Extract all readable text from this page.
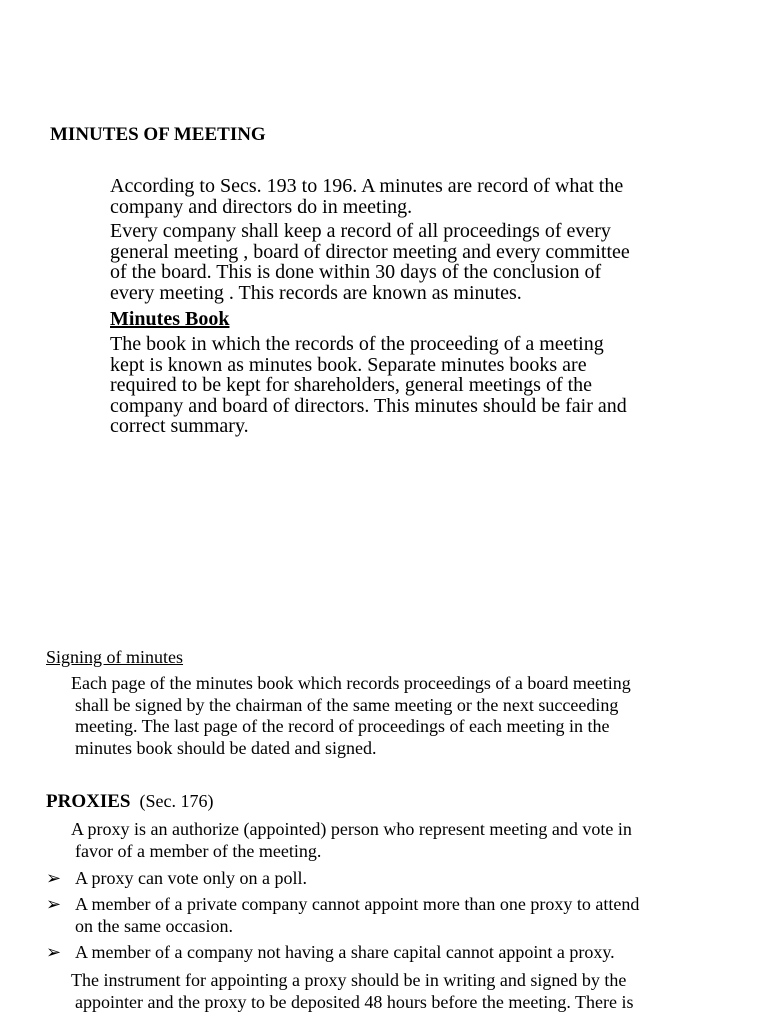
MINUTES OF MEETING
According to Secs. 193 to 196. A minutes are record of what the
company and directors do in meeting.
Every company shall keep a record of all proceedings of every
general meeting , board of director meeting and every committee
of the board. This is done within 30 days of the conclusion of
every meeting . This records are known as minutes.
Minutes Book
The book in which the records of the proceeding of a meeting
kept is known as minutes book. Separate minutes books are
required to be kept for shareholders, general meetings of the
company and board of directors. This minutes should be fair and
correct summary.
Signing of minutes
Each page of the minutes book which records proceedings of a board meeting
shall be signed by the chairman of the same meeting or the next succeeding
meeting. The last page of the record of proceedings of each meeting in the
minutes book should be dated and signed.
PROXIES (Sec. 176)
A proxy is an authorize (appointed) person who represent meeting and vote in
favor of a member of the meeting.
➢ A proxy can vote only on a poll.
➢ A member of a private company cannot appoint more than one proxy to attend
on the same occasion.
➢ A member of a company not having a share capital cannot appoint a proxy.
The instrument for appointing a proxy should be in writing and signed by the
appointer and the proxy to be deposited 48 hours before the meeting. There is
